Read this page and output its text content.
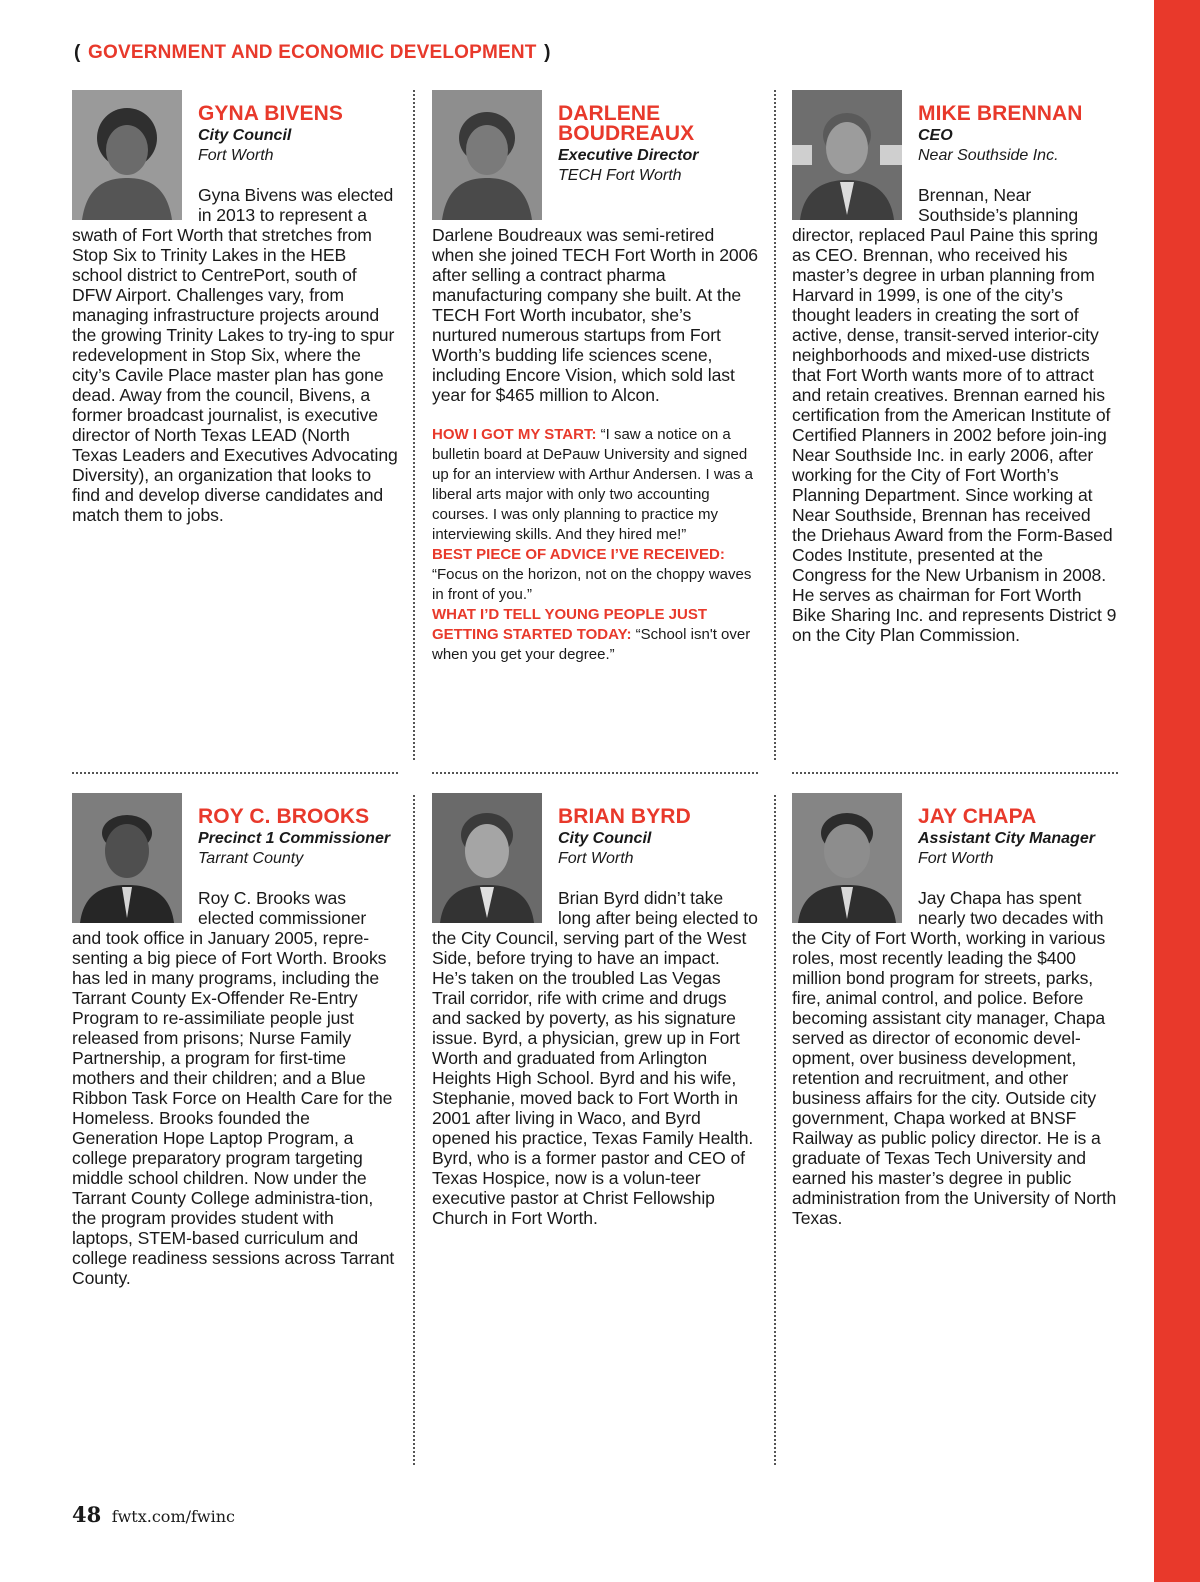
( GOVERNMENT AND ECONOMIC DEVELOPMENT )
GYNA BIVENS
City Council
Fort Worth

Gyna Bivens was elected in 2013 to represent a swath of Fort Worth that stretches from Stop Six to Trinity Lakes in the HEB school district to CentrePort, south of DFW Airport. Challenges vary, from managing infrastructure projects around the growing Trinity Lakes to try-ing to spur redevelopment in Stop Six, where the city’s Cavile Place master plan has gone dead. Away from the council, Bivens, a former broadcast journalist, is executive director of North Texas LEAD (North Texas Leaders and Executives Advocating Diversity), an organization that looks to find and develop diverse candidates and match them to jobs.

DARLENE BOUDREAUX
Executive Director
TECH Fort Worth

Darlene Boudreaux was semi-retired when she joined TECH Fort Worth in 2006 after selling a contract pharma manufacturing company she built. At the TECH Fort Worth incubator, she’s nurtured numerous startups from Fort Worth’s budding life sciences scene, including Encore Vision, which sold last year for $465 million to Alcon.

HOW I GOT MY START: “I saw a notice on a bulletin board at DePauw University and signed up for an interview with Arthur Andersen. I was a liberal arts major with only two accounting courses. I was only planning to practice my interviewing skills. And they hired me!”

BEST PIECE OF ADVICE I’VE RECEIVED: “Focus on the horizon, not on the choppy waves in front of you.”

WHAT I’D TELL YOUNG PEOPLE JUST GETTING STARTED TODAY: “School isn't over when you get your degree.”

MIKE BRENNAN
CEO
Near Southside Inc.

Brennan, Near Southside’s planning director, replaced Paul Paine this spring as CEO. Brennan, who received his master’s degree in urban planning from Harvard in 1999, is one of the city’s thought leaders in creating the sort of active, dense, transit-served interior-city neighborhoods and mixed-use districts that Fort Worth wants more of to attract and retain creatives. Brennan earned his certification from the American Institute of Certified Planners in 2002 before join-ing Near Southside Inc. in early 2006, after working for the City of Fort Worth’s Planning Department. Since working at Near Southside, Brennan has received the Driehaus Award from the Form-Based Codes Institute, presented at the Congress for the New Urbanism in 2008. He serves as chairman for Fort Worth Bike Sharing Inc. and represents District 9 on the City Plan Commission.

ROY C. BROOKS
Precinct 1 Commissioner
Tarrant County

Roy C. Brooks was elected commissioner and took office in January 2005, repre-senting a big piece of Fort Worth. Brooks has led in many programs, including the Tarrant County Ex-Offender Re-Entry Program to re-assimiliate people just released from prisons; Nurse Family Partnership, a program for first-time mothers and their children; and a Blue Ribbon Task Force on Health Care for the Homeless. Brooks founded the Generation Hope Laptop Program, a college preparatory program targeting middle school children. Now under the Tarrant County College administra-tion, the program provides student with laptops, STEM-based curriculum and college readiness sessions across Tarrant County.

BRIAN BYRD
City Council
Fort Worth

Brian Byrd didn’t take long after being elected to the City Council, serving part of the West Side, before trying to have an impact. He’s taken on the troubled Las Vegas Trail corridor, rife with crime and drugs and sacked by poverty, as his signature issue. Byrd, a physician, grew up in Fort Worth and graduated from Arlington Heights High School. Byrd and his wife, Stephanie, moved back to Fort Worth in 2001 after living in Waco, and Byrd opened his practice, Texas Family Health. Byrd, who is a former pastor and CEO of Texas Hospice, now is a volun-teer executive pastor at Christ Fellowship Church in Fort Worth.

JAY CHAPA
Assistant City Manager
Fort Worth

Jay Chapa has spent nearly two decades with the City of Fort Worth, working in various roles, most recently leading the $400 million bond program for streets, parks, fire, animal control, and police. Before becoming assistant city manager, Chapa served as director of economic devel-opment, over business development, retention and recruitment, and other business affairs for the city. Outside city government, Chapa worked at BNSF Railway as public policy director. He is a graduate of Texas Tech University and earned his master’s degree in public administration from the University of North Texas.

48 fwtx.com/fwinc
